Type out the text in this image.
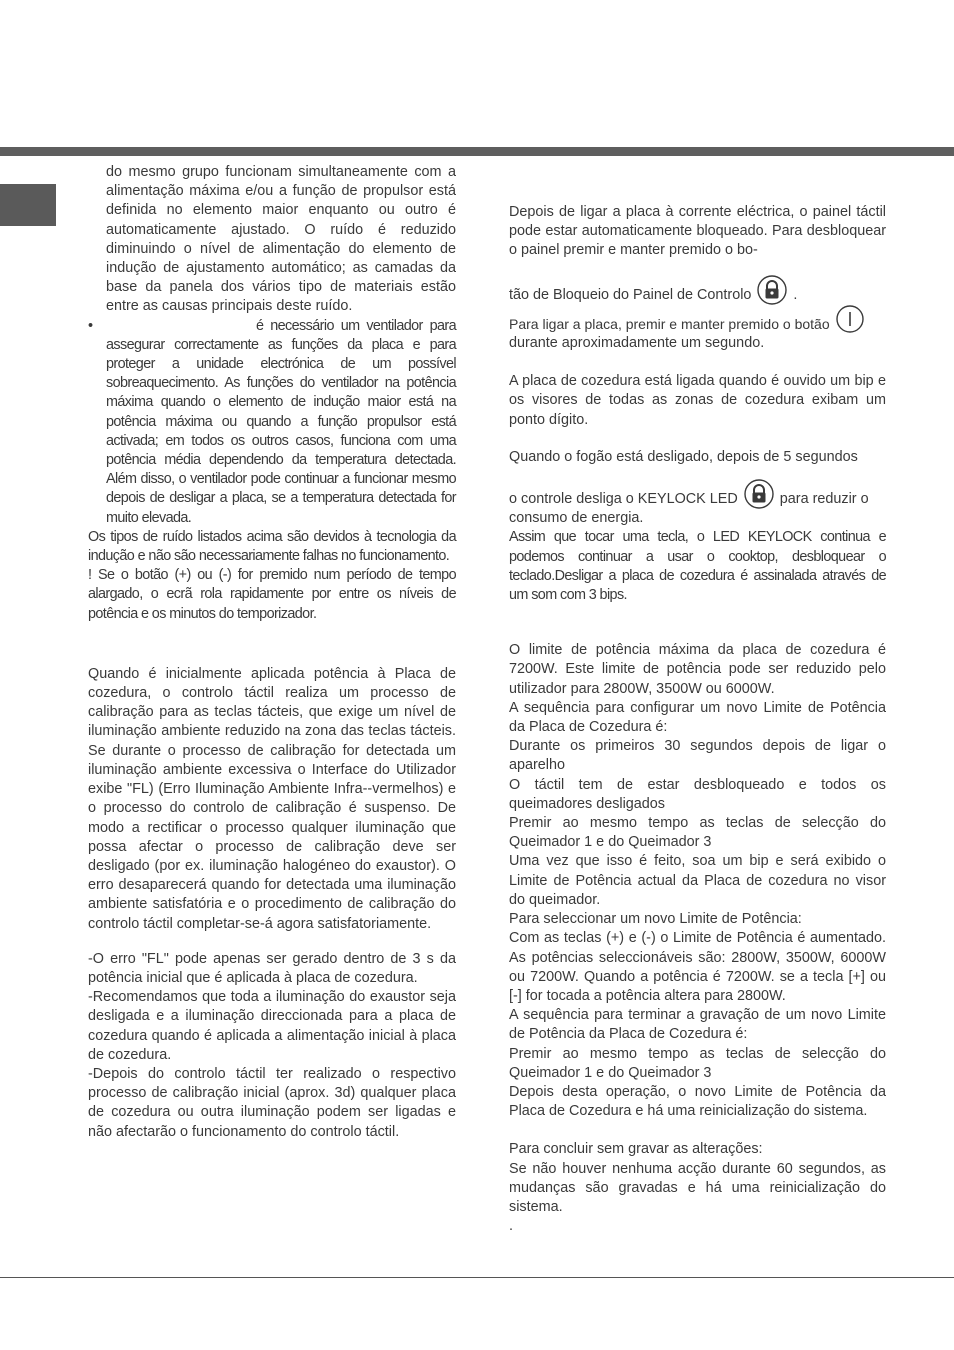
do mesmo grupo funcionam simultaneamente com a alimentação máxima e/ou a função de propulsor está definida no elemento maior enquanto ou outro é automaticamente ajustado. O ruído é reduzido diminuindo o nível de alimentação do elemento de indução de ajustamento automático; as camadas da base da panela dos vários tipo de materiais estão entre as causas principais deste ruído.

•	é necessário um ventilador para assegurar correctamente as funções da placa e para proteger a unidade electrónica de um possível sobreaquecimento. As funções do ventilador na potência máxima quando o elemento de indução maior está na potência máxima ou quando a função propulsor está activada; em todos os outros casos, funciona com uma potência média dependendo da temperatura detectada. Além disso, o ventilador pode continuar a funcionar mesmo depois de desligar a placa, se a temperatura detectada for muito elevada.

Os tipos de ruído listados acima são devidos à tecnologia da indução e não são necessariamente falhas no funcionamento.

! Se o botão (+) ou (-) for premido num período de tempo alargado, o ecrã rola rapidamente por entre os níveis de potência e os minutos do temporizador.

Quando é inicialmente aplicada potência à Placa de cozedura, o controlo táctil realiza um processo de calibração para as teclas tácteis, que exige um nível de iluminação ambiente reduzido na zona das teclas tácteis. Se durante o processo de calibração for detectada um iluminação ambiente excessiva o Interface do Utilizador exibe "FL) (Erro Iluminação Ambiente Infra--vermelhos) e o processo do controlo de calibração é suspenso. De modo a rectificar o processo qualquer iluminação que possa afectar o processo de calibração deve ser desligado (por ex. iluminação halogéneo do exaustor). O erro desaparecerá quando for detectada uma iluminação ambiente satisfatória e o procedimento de calibração do controlo táctil completar-se-á agora satisfatoriamente.

-O erro "FL" pode apenas ser gerado dentro de 3 s da potência inicial que é aplicada à placa de cozedura.

-Recomendamos que toda a iluminação do exaustor seja desligada e a iluminação direccionada para a placa de cozedura quando é aplicada a alimentação inicial à placa de cozedura.

-Depois do controlo táctil ter realizado o respectivo processo de calibração inicial (aprox. 3d) qualquer placa de cozedura ou outra iluminação podem ser ligadas e não afectarão o funcionamento do controlo táctil.

Depois de ligar a placa à corrente eléctrica, o painel táctil pode estar automaticamente bloqueado. Para desbloquear o painel premir e manter premido o bo-

tão de Bloqueio do Painel de Controlo	.

Para ligar a placa, premir e manter premido o botão

durante aproximadamente um segundo.

A placa de cozedura está ligada quando é ouvido um bip e os visores de todas as zonas de cozedura exibam um ponto dígito.

Quando o fogão está desligado, depois de 5 segundos

o controle desliga o KEYLOCK LED	para reduzir o

consumo de energia.

Assim que tocar uma tecla, o LED KEYLOCK continua e podemos continuar a usar o cooktop, desbloquear o teclado.Desligar a placa de cozedura é assinalada através de um som com 3 bips.

O limite de potência máxima da placa de cozedura é 7200W. Este limite de potência pode ser reduzido pelo utilizador para 2800W, 3500W ou 6000W.

A sequência para configurar um novo Limite de Potência da Placa de Cozedura é:

Durante os primeiros 30 segundos depois de ligar o aparelho

O táctil tem de estar desbloqueado e todos os queimadores desligados

Premir ao mesmo tempo as teclas de selecção do Queimador 1 e do Queimador 3

Uma vez que isso é feito, soa um bip e será exibido o Limite de Potência actual da Placa de cozedura no visor do queimador.

Para seleccionar um novo Limite de Potência:

Com as teclas (+) e (-) o Limite de Potência é aumentado. As potências seleccionáveis são: 2800W, 3500W, 6000W ou 7200W. Quando a potência é 7200W. se a tecla [+] ou [-] for tocada a potência altera para 2800W.

A sequência para terminar a gravação de um novo Limite de Potência da Placa de Cozedura é:

Premir ao mesmo tempo as teclas de selecção do Queimador 1 e do Queimador 3

Depois desta operação, o novo Limite de Potência da Placa de Cozedura e há uma reinicialização do sistema.

Para concluir sem gravar as alterações:

Se não houver nenhuma acção durante 60 segundos, as mudanças são gravadas e há uma reinicialização do sistema.

.
